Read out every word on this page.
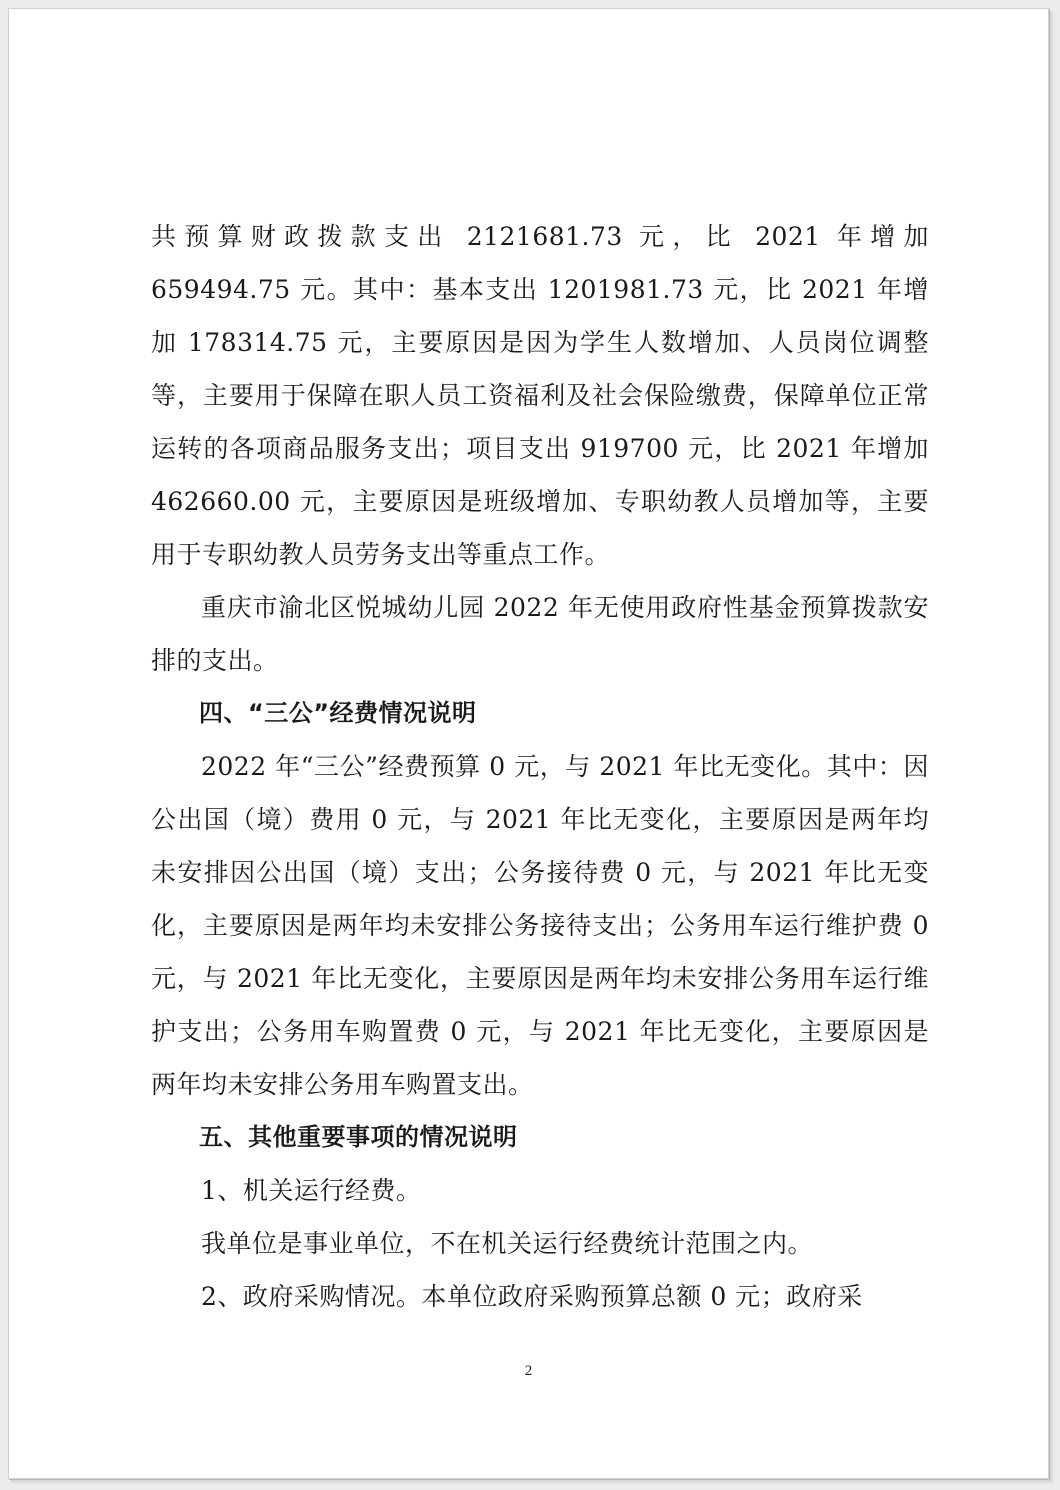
共预算财政拨款支出 2121681.73 元，比 2021 年增加 659494.75 元。其中：基本支出 1201981.73 元，比 2021 年增加 178314.75 元，主要原因是因为学生人数增加、人员岗位调整等，主要用于保障在职人员工资福利及社会保险缴费，保障单位正常运转的各项商品服务支出；项目支出 919700 元，比 2021 年增加 462660.00 元，主要原因是班级增加、专职幼教人员增加等，主要用于专职幼教人员劳务支出等重点工作。

重庆市渝北区悦城幼儿园 2022 年无使用政府性基金预算拨款安排的支出。

四、“三公”经费情况说明

2022 年“三公”经费预算 0 元，与 2021 年比无变化。其中：因公出国（境）费用 0 元，与 2021 年比无变化，主要原因是两年均未安排因公出国（境）支出；公务接待费 0 元，与 2021 年比无变化，主要原因是两年均未安排公务接待支出；公务用车运行维护费 0 元，与 2021 年比无变化，主要原因是两年均未安排公务用车运行维护支出；公务用车购置费 0 元，与 2021 年比无变化，主要原因是两年均未安排公务用车购置支出。

五、其他重要事项的情况说明

1、机关运行经费。

我单位是事业单位，不在机关运行经费统计范围之内。

2、政府采购情况。本单位政府采购预算总额 0 元；政府采

2
